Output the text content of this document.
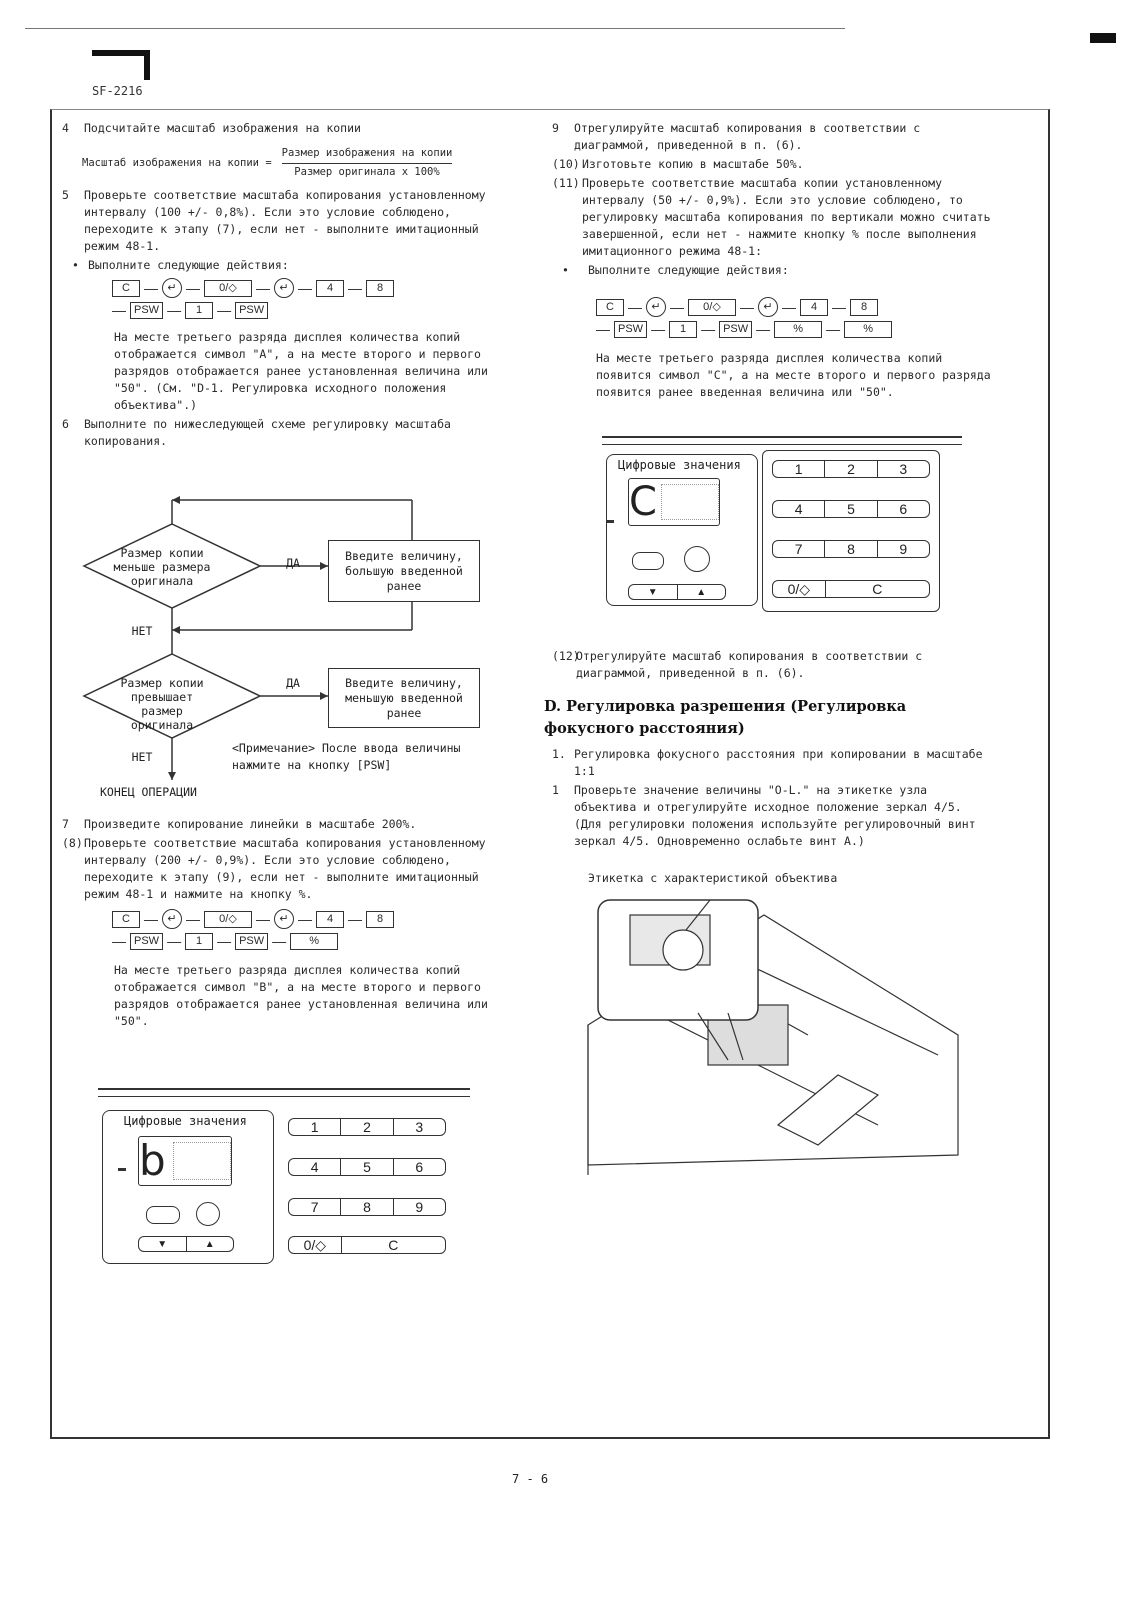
SF-2216

4 Подсчитайте масштаб изображения на копии

Масштаб изображения на копии = $\frac{\text{Размер изображения на копии}}{\text{Размер оригинала x 100\%}}$

5 Проверьте соответствие масштаба копирования установленному интервалу (100 +/- 0,8%). Если это условие соблюдено, переходите к этапу (7), если нет - выполните имитационный режим 48-1.

• Выполните следующие действия:

C	— ↵ —	0/◇	— ↵ —	4	—	8
— PSW —	1	— PSW

На месте третьего разряда дисплея количества копий отображается символ "A", а на месте второго и первого разрядов отображается ранее установленная величина или "50". (См. "D-1. Регулировка исходного положения объектива".)

6 Выполните по нижеследующей схеме регулировку масштаба копирования.

Размер копии меньше размера оригинала
ДА
Введите величину, большую введенной ранее
НЕТ
Размер копии превышает размер оригинала
ДА	Введите величину, меньшую введенной ранее
НЕТ
<Примечание> После ввода величины нажмите на кнопку [PSW]
КОНЕЦ ОПЕРАЦИИ

7 Произведите копирование линейки в масштабе 200%.

(8) Проверьте соответствие масштаба копирования установленному интервалу (200 +/- 0,9%). Если это условие соблюдено, переходите к этапу (9), если нет - выполните имитационный режим 48-1 и нажмите на кнопку %.

C	— ↵ —	0/◇	— ↵ —	4	—	8
— PSW —	1	— PSW —	%

На месте третьего разряда дисплея количества копий отображается символ "B", а на месте второго и первого разрядов отображается ранее установленная величина или "50".

Цифровые значения
b
▼	▲
1	2	3
4	5	6
7	8	9
0/◇	C

9 Отрегулируйте масштаб копирования в соответствии с диаграммой, приведенной в п. (6).

(10) Изготовьте копию в масштабе 50%.

(11) Проверьте соответствие масштаба копии установленному интервалу (50 +/- 0,9%). Если это условие соблюдено, то регулировку масштаба копирования по вертикали можно считать завершенной, если нет - нажмите кнопку % после выполнения имитационного режима 48-1:

• Выполните следующие действия:

C	— ↵ —	0/◇	— ↵ —	4	—	8
— PSW —	1	— PSW —	%	—	%

На месте третьего разряда дисплея количества копий появится символ "C", а на месте второго и первого разряда появится ранее введенная величина или "50".

Цифровые значения
C
▼	▲
1	2	3
4	5	6
7	8	9
0/◇	C

(12)
Отрегулируйте масштаб копирования в соответствии с диаграммой, приведенной в п. (6).

D. Регулировка разрешения (Регулировка фокусного расстояния)

1. Регулировка фокусного расстояния при копировании в масштабе 1:1

1 Проверьте значение величины "O-L." на этикетке узла объектива и отрегулируйте исходное положение зеркал 4/5. (Для регулировки положения используйте регулировочный винт зеркал 4/5. Одновременно ослабьте винт A.)

Этикетка с характеристикой объектива

7 - 6
